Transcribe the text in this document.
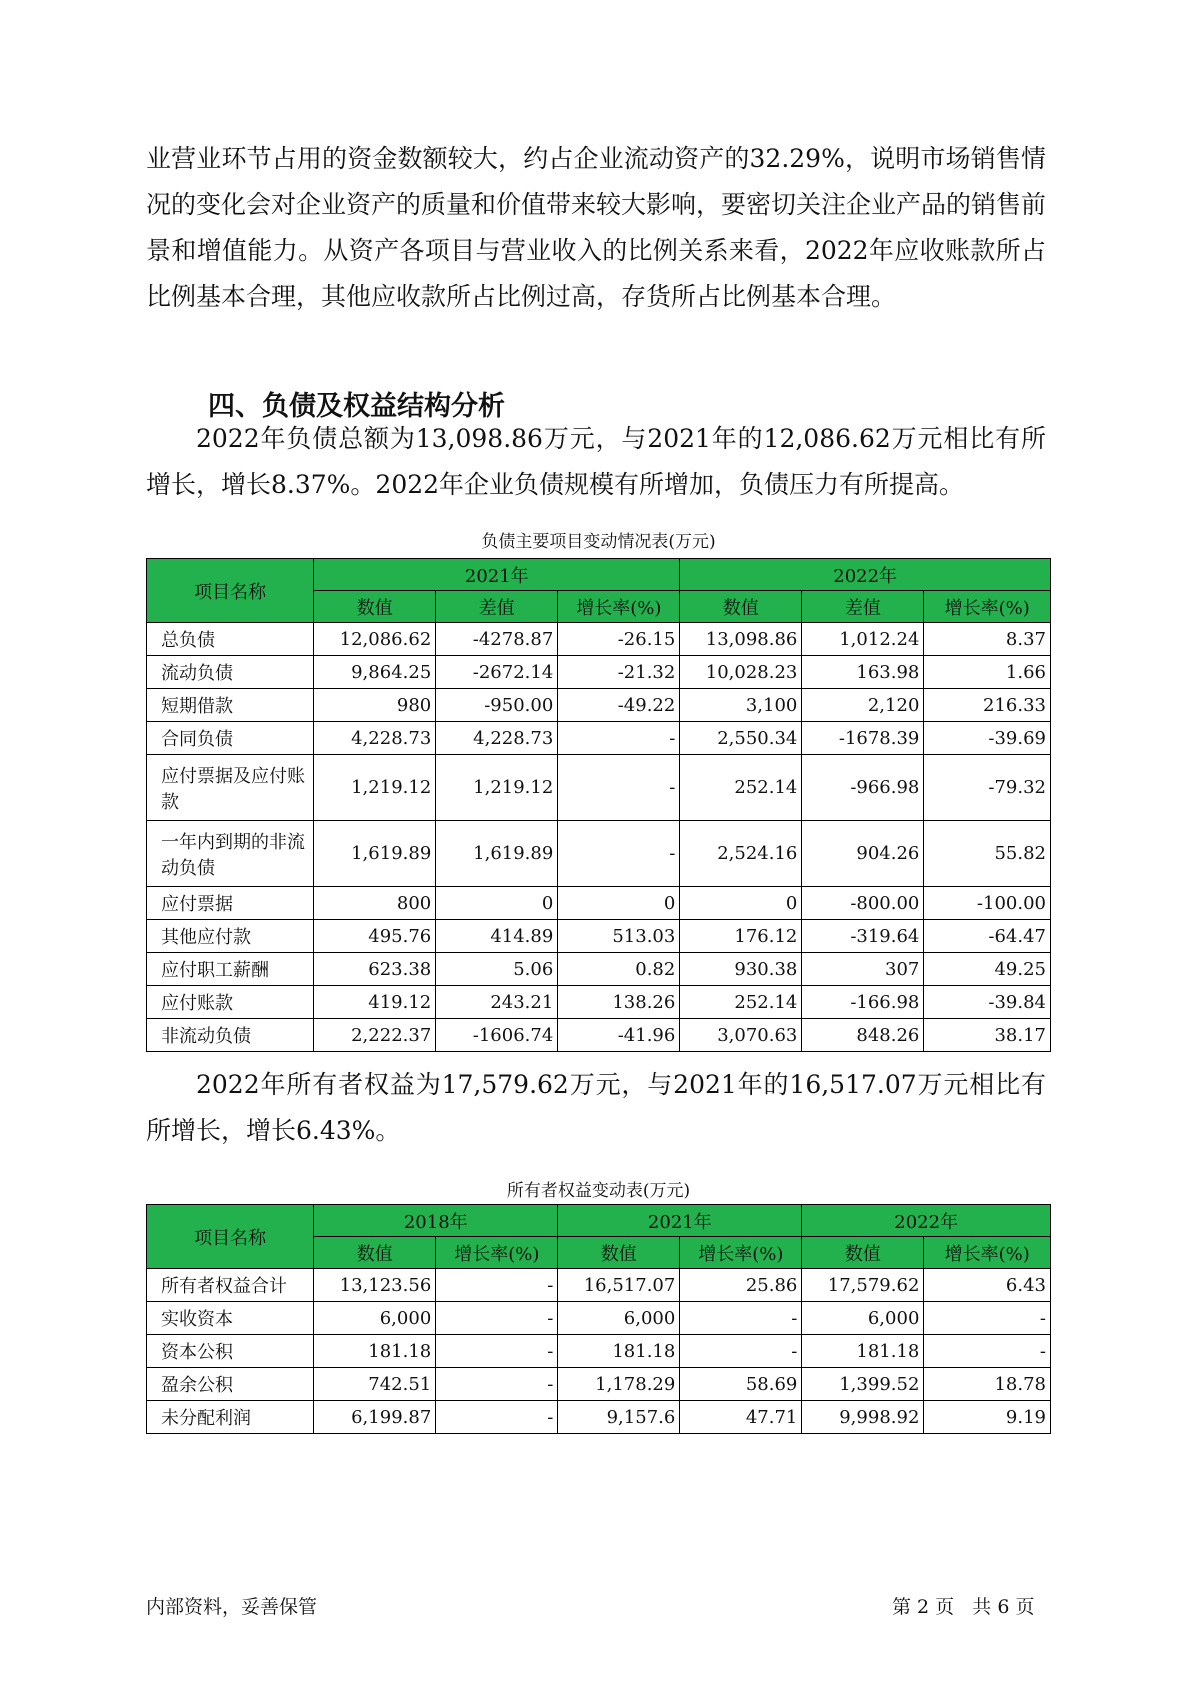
业营业环节占用的资金数额较大，约占企业流动资产的32.29%，说明市场销售情况的变化会对企业资产的质量和价值带来较大影响，要密切关注企业产品的销售前景和增值能力。从资产各项目与营业收入的比例关系来看，2022年应收账款所占比例基本合理，其他应收款所占比例过高，存货所占比例基本合理。

四、负债及权益结构分析

2022年负债总额为13,098.86万元，与2021年的12,086.62万元相比有所增长，增长8.37%。2022年企业负债规模有所增加，负债压力有所提高。

负债主要项目变动情况表(万元)
项目名称	2021年			2022年		
	数值	差值	增长率(%)	数值	差值	增长率(%)
总负债	12,086.62	-4278.87	-26.15	13,098.86	1,012.24	8.37
流动负债	9,864.25	-2672.14	-21.32	10,028.23	163.98	1.66
短期借款	980	-950.00	-49.22	3,100	2,120	216.33
合同负债	4,228.73	4,228.73	-	2,550.34	-1678.39	-39.69
应付票据及应付账款	1,219.12	1,219.12	-	252.14	-966.98	-79.32
一年内到期的非流动负债	1,619.89	1,619.89	-	2,524.16	904.26	55.82
应付票据	800	0	0	0	-800.00	-100.00
其他应付款	495.76	414.89	513.03	176.12	-319.64	-64.47
应付职工薪酬	623.38	5.06	0.82	930.38	307	49.25
应付账款	419.12	243.21	138.26	252.14	-166.98	-39.84
非流动负债	2,222.37	-1606.74	-41.96	3,070.63	848.26	38.17

2022年所有者权益为17,579.62万元，与2021年的16,517.07万元相比有所增长，增长6.43%。

所有者权益变动表(万元)
项目名称	2018年		2021年		2022年	
	数值	增长率(%)	数值	增长率(%)	数值	增长率(%)
所有者权益合计	13,123.56	-	16,517.07	25.86	17,579.62	6.43
实收资本	6,000	-	6,000	-	6,000	-
资本公积	181.18	-	181.18	-	181.18	-
盈余公积	742.51	-	1,178.29	58.69	1,399.52	18.78
未分配利润	6,199.87	-	9,157.6	47.71	9,998.92	9.19
内部资料，妥善保管	第 2 页 共 6 页
